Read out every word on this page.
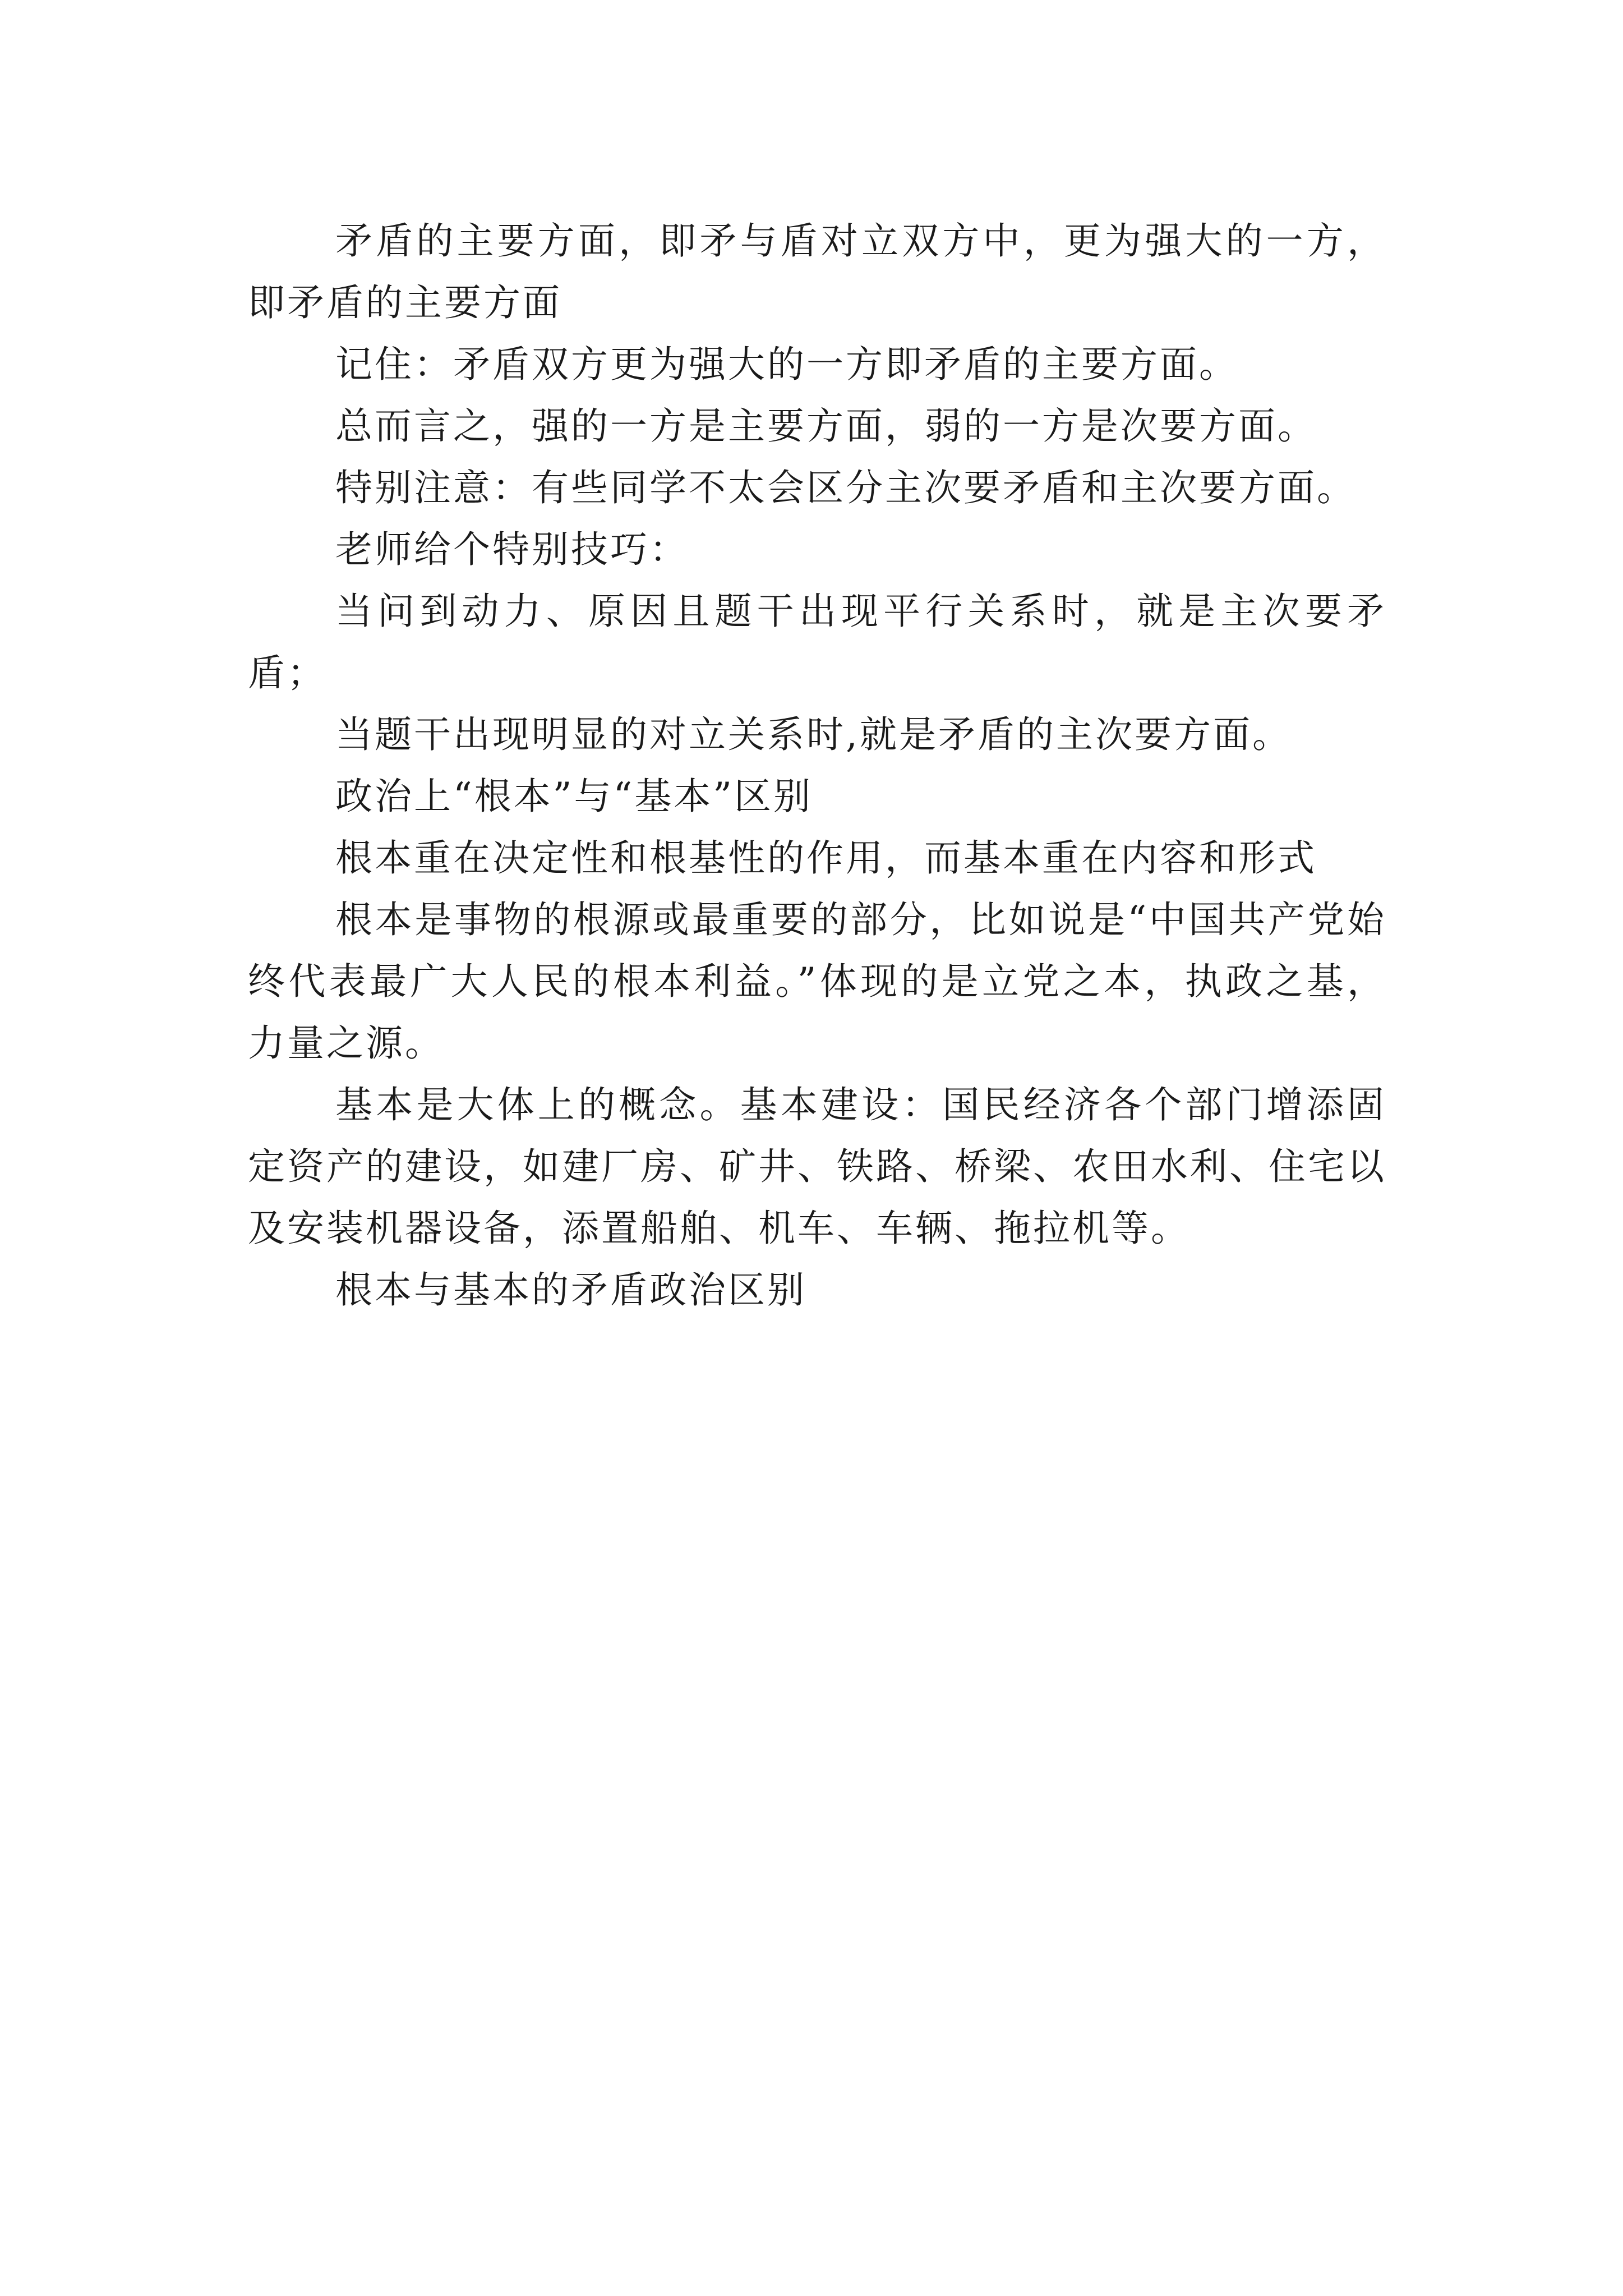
矛盾的主要方面，即矛与盾对立双方中，更为强大的一方，即矛盾的主要方面

记住：矛盾双方更为强大的一方即矛盾的主要方面。

总而言之，强的一方是主要方面，弱的一方是次要方面。

特别注意：有些同学不太会区分主次要矛盾和主次要方面。

老师给个特别技巧：

当问到动力、原因且题干出现平行关系时，就是主次要矛盾；

当题干出现明显的对立关系时,就是矛盾的主次要方面。

政治上“根本”与“基本”区别

根本重在决定性和根基性的作用，而基本重在内容和形式

根本是事物的根源或最重要的部分，比如说是“中国共产党始终代表最广大人民的根本利益。”体现的是立党之本，执政之基，力量之源。

基本是大体上的概念。基本建设：国民经济各个部门增添固定资产的建设，如建厂房、矿井、铁路、桥梁、农田水利、住宅以及安装机器设备，添置船舶、机车、车辆、拖拉机等。

根本与基本的矛盾政治区别
